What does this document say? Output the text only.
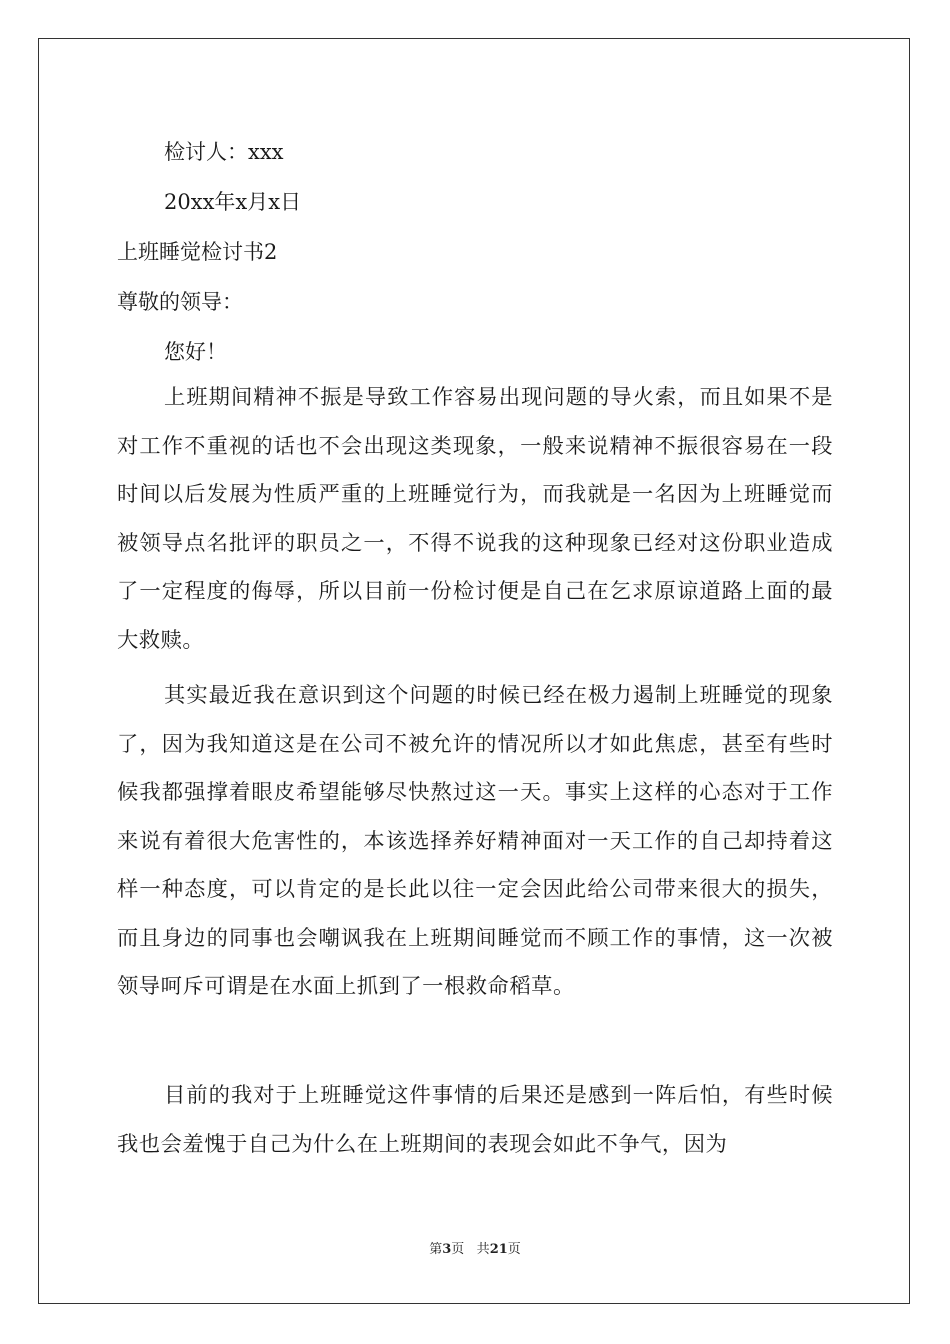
检讨人：xxx
20xx年x月x日
上班睡觉检讨书2
尊敬的领导：
您好！

上班期间精神不振是导致工作容易出现问题的导火索，而且如果不是对工作不重视的话也不会出现这类现象，一般来说精神不振很容易在一段时间以后发展为性质严重的上班睡觉行为，而我就是一名因为上班睡觉而被领导点名批评的职员之一，不得不说我的这种现象已经对这份职业造成了一定程度的侮辱，所以目前一份检讨便是自己在乞求原谅道路上面的最大救赎。

其实最近我在意识到这个问题的时候已经在极力遏制上班睡觉的现象了，因为我知道这是在公司不被允许的情况所以才如此焦虑，甚至有些时候我都强撑着眼皮希望能够尽快熬过这一天。事实上这样的心态对于工作来说有着很大危害性的，本该选择养好精神面对一天工作的自己却持着这样一种态度，可以肯定的是长此以往一定会因此给公司带来很大的损失，而且身边的同事也会嘲讽我在上班期间睡觉而不顾工作的事情，这一次被领导呵斥可谓是在水面上抓到了一根救命稻草。

目前的我对于上班睡觉这件事情的后果还是感到一阵后怕，有些时候我也会羞愧于自己为什么在上班期间的表现会如此不争气，因为

第3页 共21页
